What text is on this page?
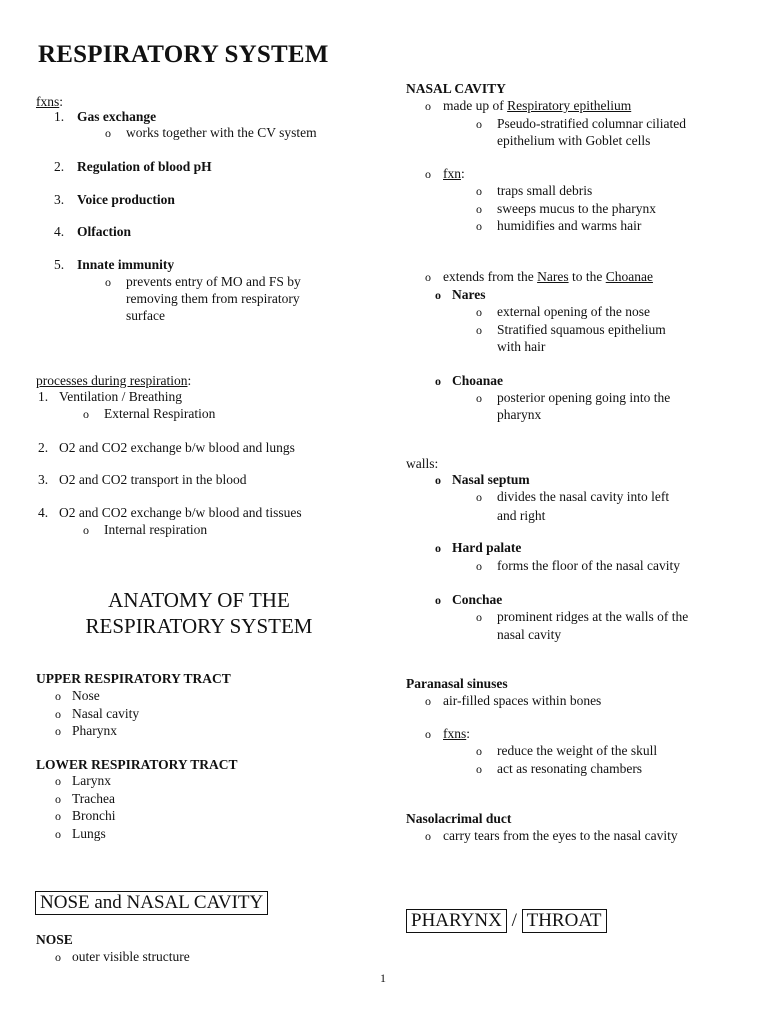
RESPIRATORY SYSTEM
fxns:
1. Gas exchange
o works together with the CV system
2. Regulation of blood pH
3. Voice production
4. Olfaction
5. Innate immunity
o prevents entry of MO and FS by
removing them from respiratory
surface
processes during respiration:
1. Ventilation / Breathing
o External Respiration
2. O2 and CO2 exchange b/w blood and lungs
3. O2 and CO2 transport in the blood
4. O2 and CO2 exchange b/w blood and tissues
o Internal respiration
ANATOMY OF THE
RESPIRATORY SYSTEM
UPPER RESPIRATORY TRACT
o Nose
o Nasal cavity
o Pharynx
LOWER RESPIRATORY TRACT
o Larynx
o Trachea
o Bronchi
o Lungs
NOSE and NASAL CAVITY
NOSE
o outer visible structure
NASAL CAVITY
o made up of Respiratory epithelium
o Pseudo-stratified columnar ciliated
epithelium with Goblet cells
o fxn:
o traps small debris
o sweeps mucus to the pharynx
o humidifies and warms hair
o extends from the Nares to the Choanae
o Nares
o external opening of the nose
o Stratified squamous epithelium
with hair
o Choanae
o posterior opening going into the
pharynx
walls:
o Nasal septum
o divides the nasal cavity into left
and right
o Hard palate
o forms the floor of the nasal cavity
o Conchae
o prominent ridges at the walls of the
nasal cavity
Paranasal sinuses
o air-filled spaces within bones
o fxns:
o reduce the weight of the skull
o act as resonating chambers
Nasolacrimal duct
o carry tears from the eyes to the nasal cavity
PHARYNX / THROAT
1
